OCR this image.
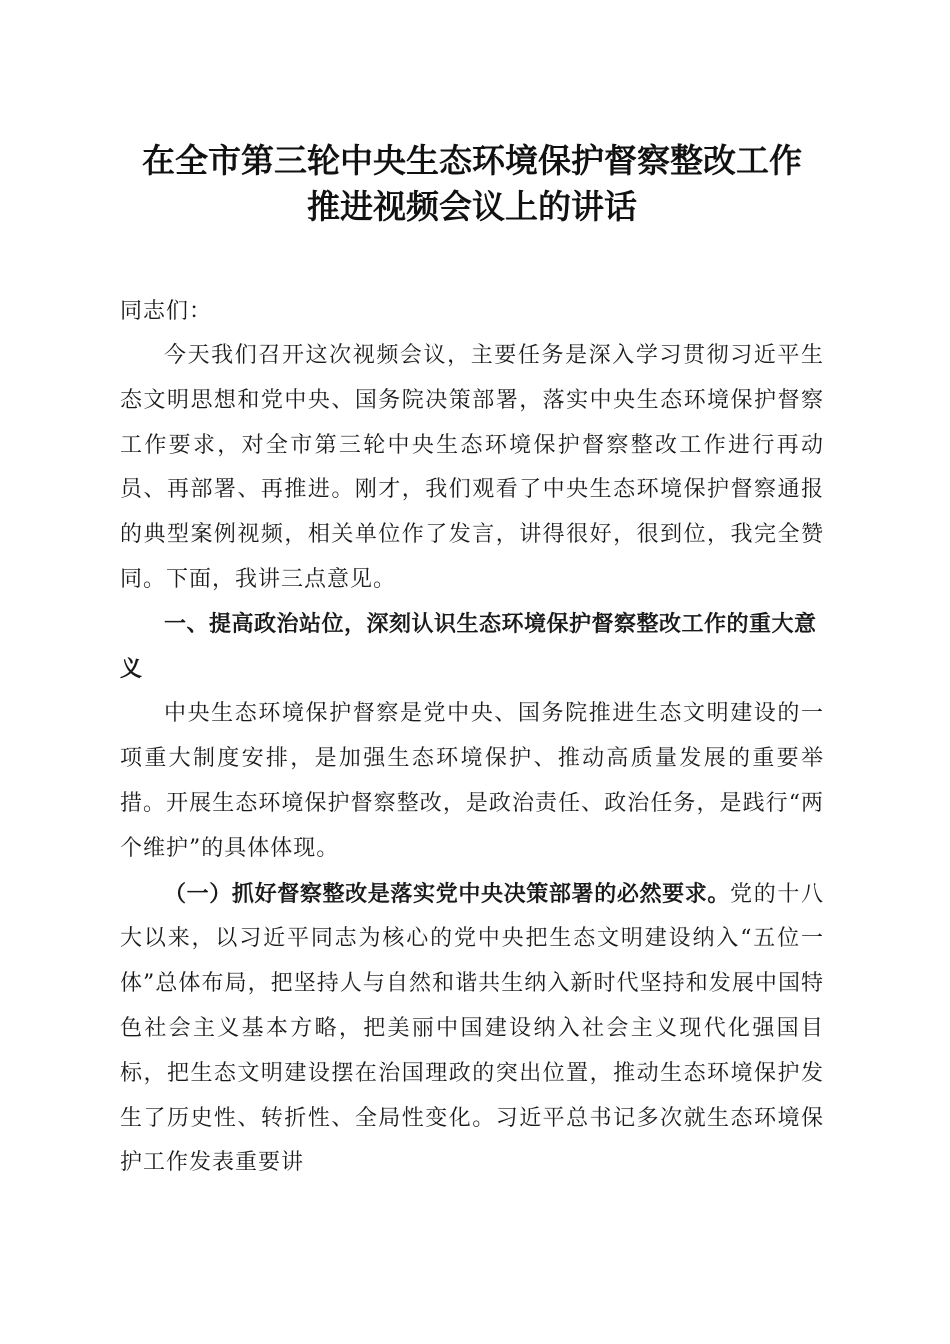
在全市第三轮中央生态环境保护督察整改工作
推进视频会议上的讲话

同志们：

今天我们召开这次视频会议，主要任务是深入学习贯彻习近平生态文明思想和党中央、国务院决策部署，落实中央生态环境保护督察工作要求，对全市第三轮中央生态环境保护督察整改工作进行再动员、再部署、再推进。刚才，我们观看了中央生态环境保护督察通报的典型案例视频，相关单位作了发言，讲得很好，很到位，我完全赞同。下面，我讲三点意见。

一、提高政治站位，深刻认识生态环境保护督察整改工作的重大意义

中央生态环境保护督察是党中央、国务院推进生态文明建设的一项重大制度安排，是加强生态环境保护、推动高质量发展的重要举措。开展生态环境保护督察整改，是政治责任、政治任务，是践行“两个维护”的具体体现。

（一）抓好督察整改是落实党中央决策部署的必然要求。党的十八大以来，以习近平同志为核心的党中央把生态文明建设纳入“五位一体”总体布局，把坚持人与自然和谐共生纳入新时代坚持和发展中国特色社会主义基本方略，把美丽中国建设纳入社会主义现代化强国目标，把生态文明建设摆在治国理政的突出位置，推动生态环境保护发生了历史性、转折性、全局性变化。习近平总书记多次就生态环境保护工作发表重要讲
